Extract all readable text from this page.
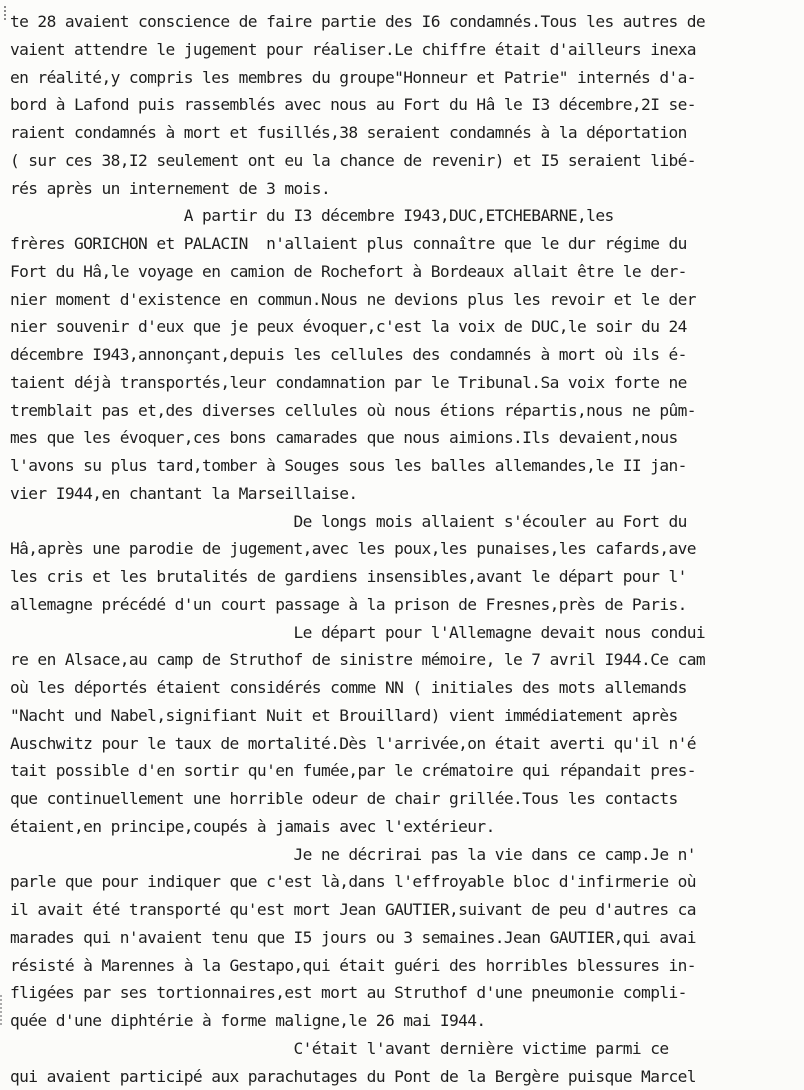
te 28 avaient conscience de faire partie des I6 condamnés.Tous les autres de
vaient attendre le jugement pour réaliser.Le chiffre était d'ailleurs inexa
en réalité,y compris les membres du groupe"Honneur et Patrie" internés d'a-
bord à Lafond puis rassemblés avec nous au Fort du Hâ le I3 décembre,2I se-
raient condamnés à mort et fusillés,38 seraient condamnés à la déportation
( sur ces 38,I2 seulement ont eu la chance de revenir) et I5 seraient libé-
rés après un internement de 3 mois.
A partir du I3 décembre I943,DUC,ETCHEBARNE,les
frères GORICHON et PALACIN  n'allaient plus connaître que le dur régime du
Fort du Hâ,le voyage en camion de Rochefort à Bordeaux allait être le der-
nier moment d'existence en commun.Nous ne devions plus les revoir et le der
nier souvenir d'eux que je peux évoquer,c'est la voix de DUC,le soir du 24
décembre I943,annonçant,depuis les cellules des condamnés à mort où ils é-
taient déjà transportés,leur condamnation par le Tribunal.Sa voix forte ne
tremblait pas et,des diverses cellules où nous étions répartis,nous ne pûm-
mes que les évoquer,ces bons camarades que nous aimions.Ils devaient,nous
l'avons su plus tard,tomber à Souges sous les balles allemandes,le II jan-
vier I944,en chantant la Marseillaise.
De longs mois allaient s'écouler au Fort du
Hâ,après une parodie de jugement,avec les poux,les punaises,les cafards,ave
les cris et les brutalités de gardiens insensibles,avant le départ pour l'
allemagne précédé d'un court passage à la prison de Fresnes,près de Paris.
Le départ pour l'Allemagne devait nous condui
re en Alsace,au camp de Struthof de sinistre mémoire, le 7 avril I944.Ce cam
où les déportés étaient considérés comme NN ( initiales des mots allemands
"Nacht und Nabel,signifiant Nuit et Brouillard) vient immédiatement après
Auschwitz pour le taux de mortalité.Dès l'arrivée,on était averti qu'il n'é
tait possible d'en sortir qu'en fumée,par le crématoire qui répandait pres-
que continuellement une horrible odeur de chair grillée.Tous les contacts
étaient,en principe,coupés à jamais avec l'extérieur.
Je ne décrirai pas la vie dans ce camp.Je n'
parle que pour indiquer que c'est là,dans l'effroyable bloc d'infirmerie où
il avait été transporté qu'est mort Jean GAUTIER,suivant de peu d'autres ca
marades qui n'avaient tenu que I5 jours ou 3 semaines.Jean GAUTIER,qui avai
résisté à Marennes à la Gestapo,qui était guéri des horribles blessures in-
fligées par ses tortionnaires,est mort au Struthof d'une pneumonie compli-
quée d'une diphtérie à forme maligne,le 26 mai I944.
C'était l'avant dernière victime parmi ce
qui avaient participé aux parachutages du Pont de la Bergère puisque Marcel
